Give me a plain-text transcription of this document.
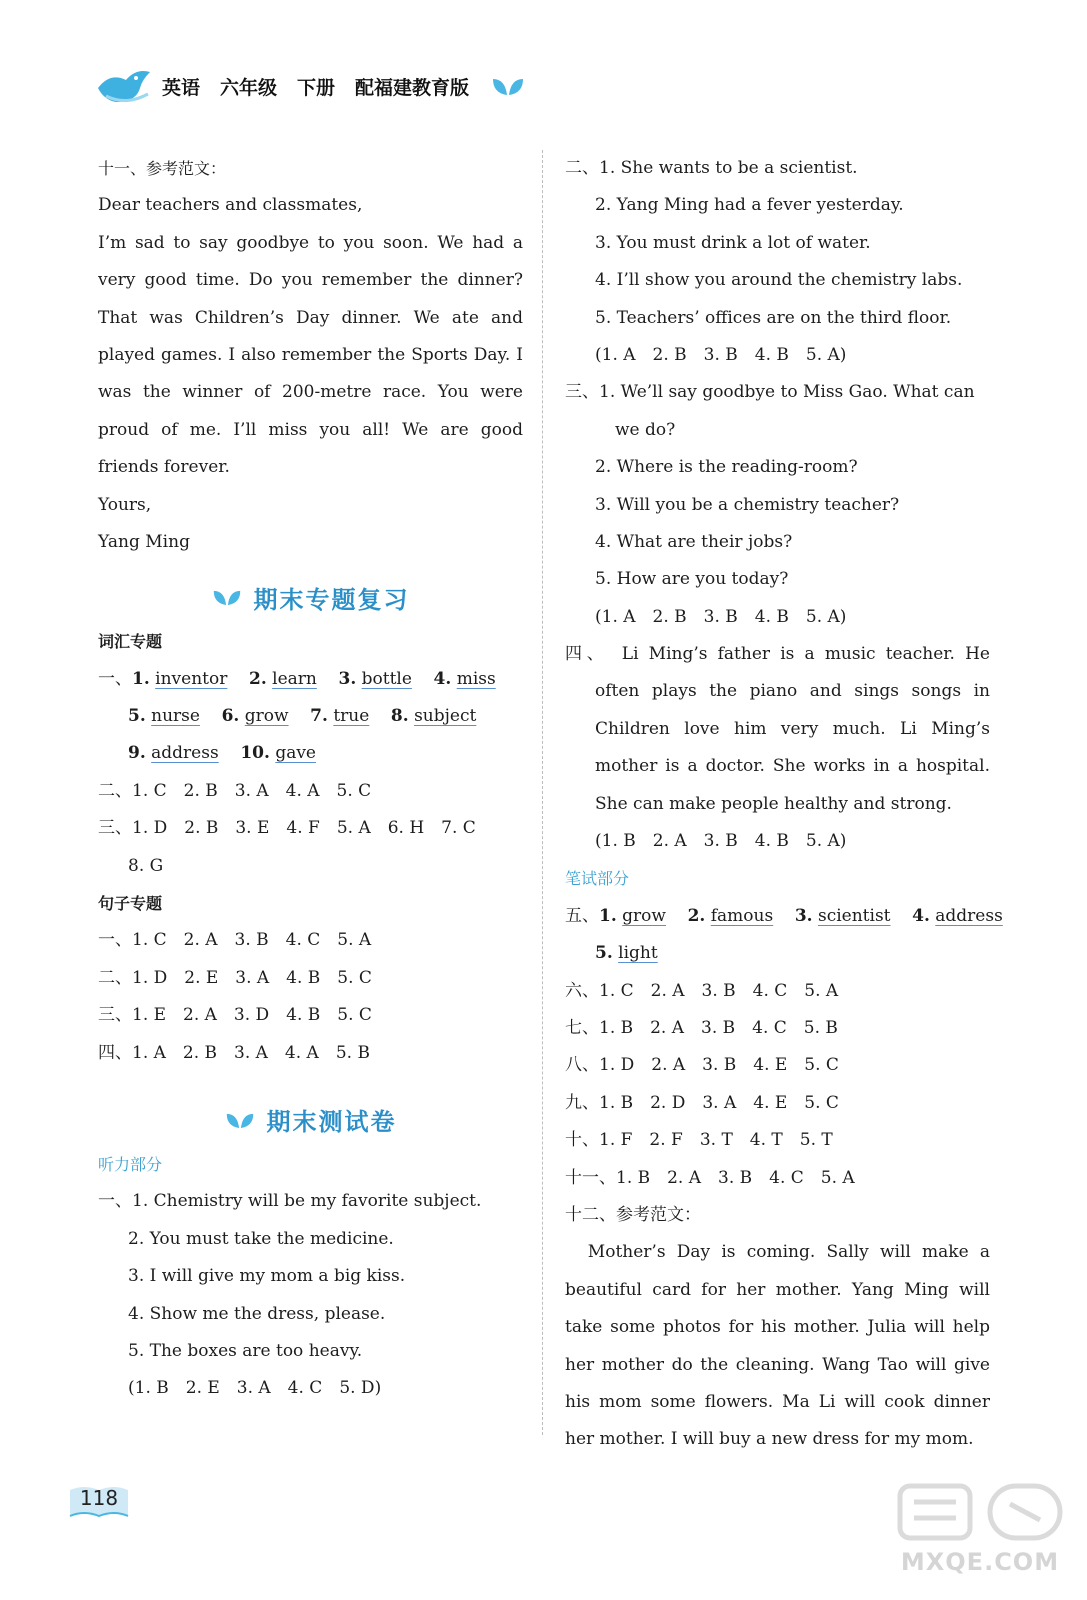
英语 六年级 下册 配福建教育版
十一、参考范文：
Dear teachers and classmates,
I’m sad to say goodbye to you soon. We had a
very good time. Do you remember the dinner?
That was Children’s Day dinner. We ate and
played games. I also remember the Sports Day. I
was the winner of 200-metre race. You were
proud of me. I’ll miss you all! We are good
friends forever.
Yours,
Yang Ming
期末专题复习
词汇专题
一、1. inventor 2. learn 3. bottle 4. miss
5. nurse 6. grow 7. true 8. subject
9. address 10. gave
二、1. C　2. B　3. A　4. A　5. C
三、1. D　2. B　3. E　4. F　5. A　6. H　7. C
8. G
句子专题
一、1. C　2. A　3. B　4. C　5. A
二、1. D　2. E　3. A　4. B　5. C
三、1. E　2. A　3. D　4. B　5. C
四、1. A　2. B　3. A　4. A　5. B
期末测试卷
听力部分
一、1. Chemistry will be my favorite subject.
2. You must take the medicine.
3. I will give my mom a big kiss.
4. Show me the dress, please.
5. The boxes are too heavy.
(1. B　2. E　3. A　4. C　5. D)
二、1. She wants to be a scientist.
2. Yang Ming had a fever yesterday.
3. You must drink a lot of water.
4. I’ll show you around the chemistry labs.
5. Teachers’ offices are on the third floor.
(1. A　2. B　3. B　4. B　5. A)
三、1. We’ll say goodbye to Miss Gao. What can
we do?
2. Where is the reading-room?
3. Will you be a chemistry teacher?
4. What are their jobs?
5. How are you today?
(1. A　2. B　3. B　4. B　5. A)
四、　Li Ming’s father is a music teacher. He
often plays the piano and sings songs in
Children love him very much. Li Ming’s
mother is a doctor. She works in a hospital.
She can make people healthy and strong.
(1. B　2. A　3. B　4. B　5. A)
笔试部分
五、1. grow 2. famous 3. scientist 4. address
5. light
六、1. C　2. A　3. B　4. C　5. A
七、1. B　2. A　3. B　4. C　5. B
八、1. D　2. A　3. B　4. E　5. C
九、1. B　2. D　3. A　4. E　5. C
十、1. F　2. F　3. T　4. T　5. T
十一、1. B　2. A　3. B　4. C　5. A
十二、参考范文：
　Mother’s Day is coming. Sally will make a
beautiful card for her mother. Yang Ming will
take some photos for his mother. Julia will help
her mother do the cleaning. Wang Tao will give
his mom some flowers. Ma Li will cook dinner
her mother. I will buy a new dress for my mom.
118
MXQE.COM
